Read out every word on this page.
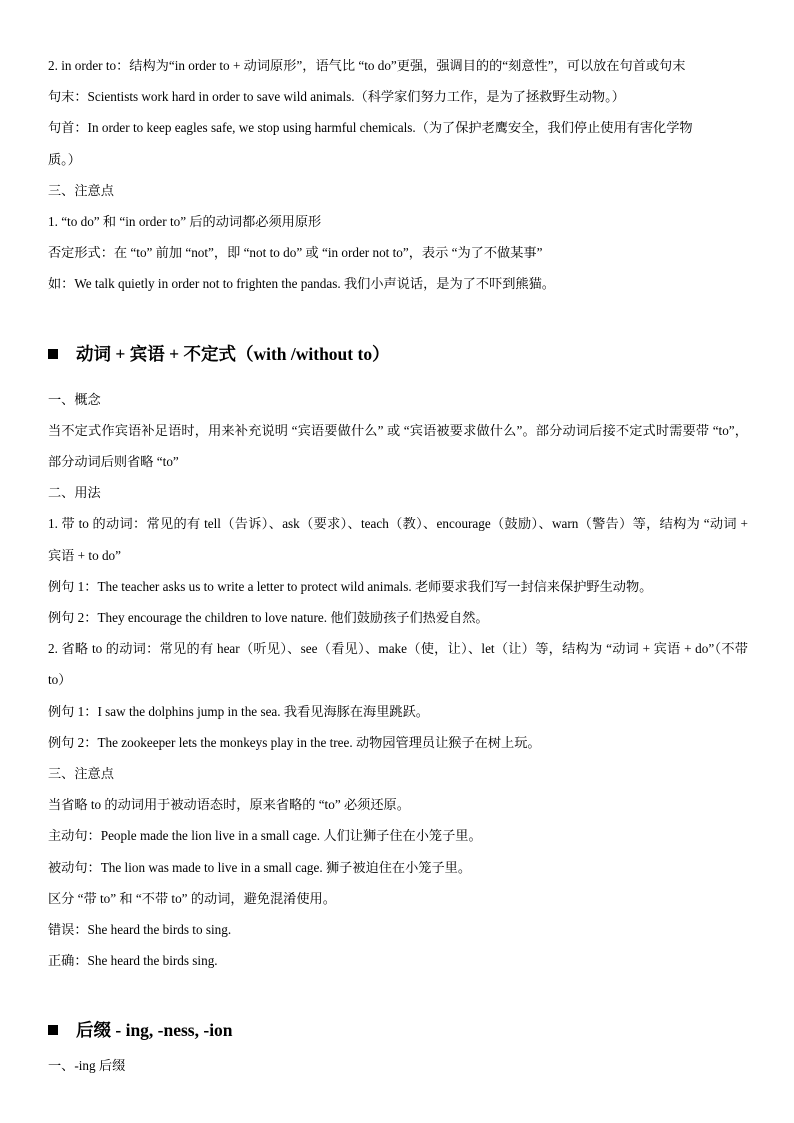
2. in order to：结构为“in order to + 动词原形”，语气比 “to do”更强，强调目的的“刻意性”，可以放在句首或句末
句末：Scientists work hard in order to save wild animals.（科学家们努力工作，是为了拯救野生动物。）
句首：In order to keep eagles safe, we stop using harmful chemicals.（为了保护老鹰安全，我们停止使用有害化学物
质。）
三、注意点
1. “to do” 和 “in order to” 后的动词都必须用原形
否定形式：在 “to” 前加 “not”，即 “not to do” 或 “in order not to”，表示 “为了不做某事”
如：We talk quietly in order not to frighten the pandas. 我们小声说话，是为了不吓到熊猫。
动词 + 宾语 + 不定式（with /without to）
一、概念
当不定式作宾语补足语时，用来补充说明 “宾语要做什么” 或 “宾语被要求做什么”。部分动词后接不定式时需要带 “to”，部分动词后则省略 “to”
二、用法
1. 带 to 的动词：常见的有 tell（告诉）、ask（要求）、teach（教）、encourage（鼓励）、warn（警告）等，结构为 “动词 + 宾语 + to do”
例句 1：The teacher asks us to write a letter to protect wild animals. 老师要求我们写一封信来保护野生动物。
例句 2：They encourage the children to love nature. 他们鼓励孩子们热爱自然。
2. 省略 to 的动词：常见的有 hear（听见）、see（看见）、make（使，让）、let（让）等，结构为 “动词 + 宾语 + do”（不带 to）
例句 1：I saw the dolphins jump in the sea. 我看见海豚在海里跳跃。
例句 2：The zookeeper lets the monkeys play in the tree. 动物园管理员让猴子在树上玩。
三、注意点
当省略 to 的动词用于被动语态时，原来省略的 “to” 必须还原。
主动句：People made the lion live in a small cage. 人们让狮子住在小笼子里。
被动句：The lion was made to live in a small cage. 狮子被迫住在小笼子里。
区分 “带 to” 和 “不带 to” 的动词，避免混淆使用。
错误：She heard the birds to sing.
正确：She heard the birds sing.
后缀 - ing, -ness, -ion
一、-ing 后缀
